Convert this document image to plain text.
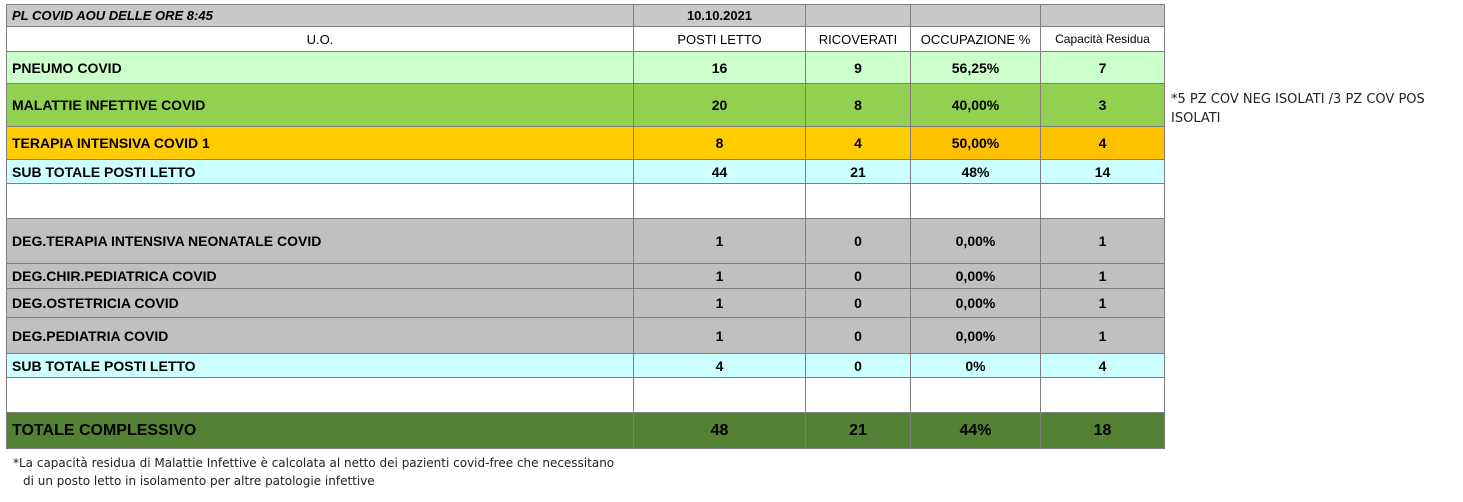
PL COVID AOU DELLE ORE 8:45	10.10.2021			
U.O.	POSTI LETTO	RICOVERATI	OCCUPAZIONE %	Capacità Residua
PNEUMO COVID	16	9	56,25%	7
MALATTIE INFETTIVE COVID	20	8	40,00%	3
TERAPIA INTENSIVA COVID 1	8	4	50,00%	4
SUB TOTALE POSTI LETTO	44	21	48%	14

DEG.TERAPIA INTENSIVA NEONATALE COVID	1	0	0,00%	1
DEG.CHIR.PEDIATRICA COVID	1	0	0,00%	1
DEG.OSTETRICIA COVID	1	0	0,00%	1
DEG.PEDIATRIA COVID	1	0	0,00%	1
SUB TOTALE POSTI LETTO	4	0	0%	4

TOTALE COMPLESSIVO	48	21	44%	18
*5 PZ COV NEG ISOLATI /3 PZ COV POS ISOLATI
*La capacità residua di Malattie Infettive è calcolata al netto dei pazienti covid-free che necessitano
di un posto letto in isolamento per altre patologie infettive
